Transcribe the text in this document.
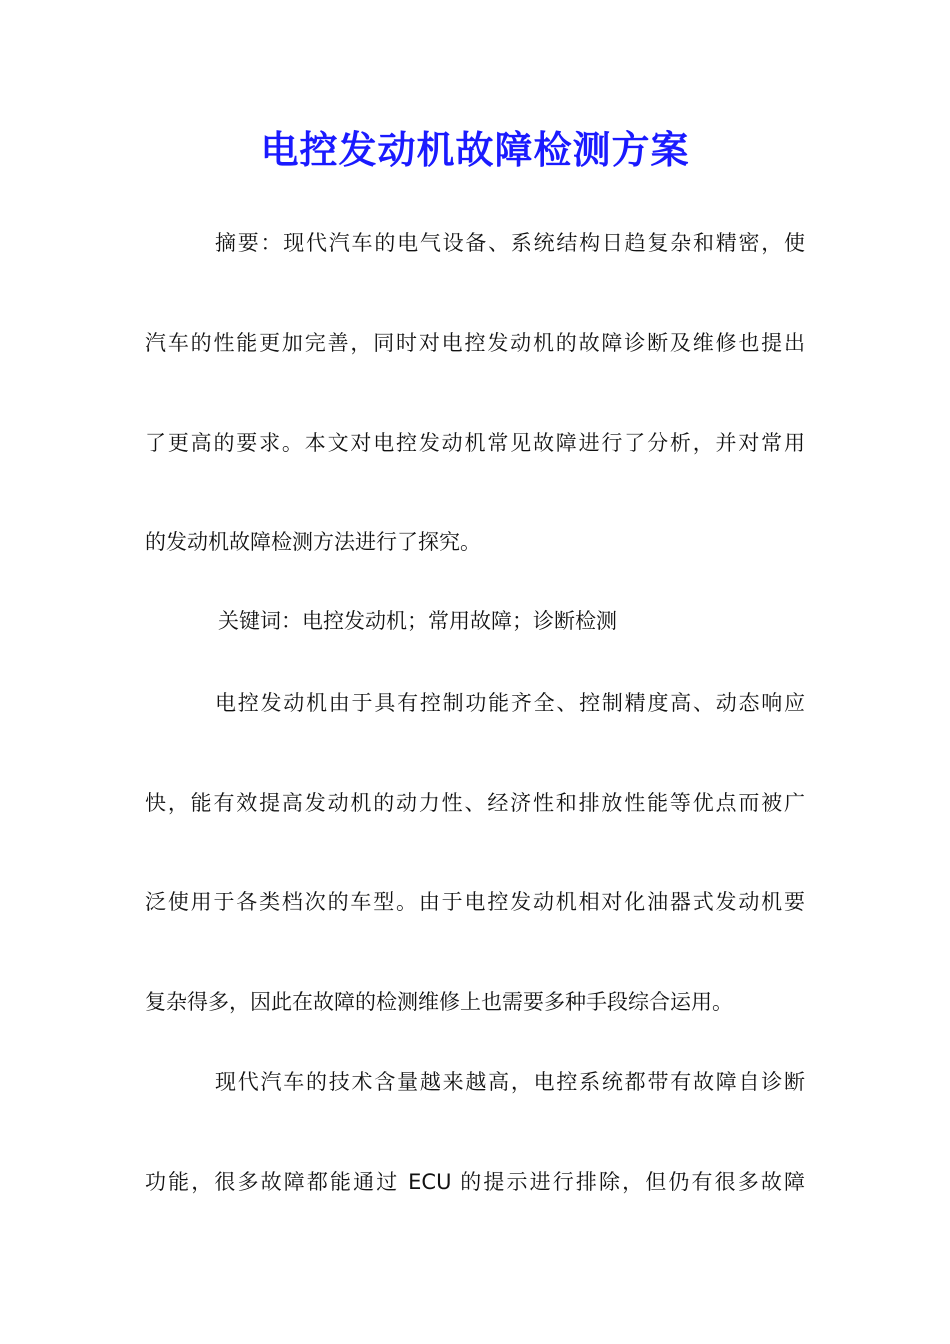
电控发动机故障检测方案
摘要：现代汽车的电气设备、系统结构日趋复杂和精密，使
汽车的性能更加完善，同时对电控发动机的故障诊断及维修也提出
了更高的要求。本文对电控发动机常见故障进行了分析，并对常用
的发动机故障检测方法进行了探究。
关键词：电控发动机；常用故障；诊断检测
电控发动机由于具有控制功能齐全、控制精度高、动态响应
快，能有效提高发动机的动力性、经济性和排放性能等优点而被广
泛使用于各类档次的车型。由于电控发动机相对化油器式发动机要
复杂得多，因此在故障的检测维修上也需要多种手段综合运用。
现代汽车的技术含量越来越高，电控系统都带有故障自诊断
功能，很多故障都能通过 ECU 的提示进行排除，但仍有很多故障
